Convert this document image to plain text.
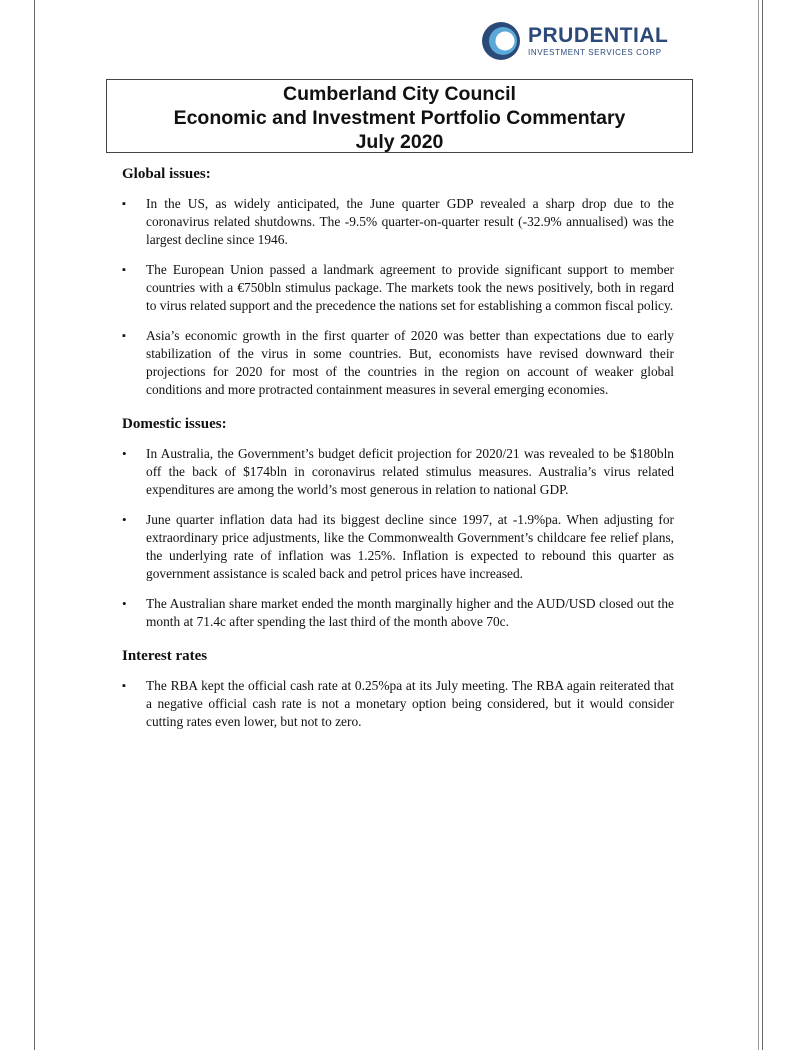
PRUDENTIAL
INVESTMENT SERVICES CORP
Cumberland City Council
Economic and Investment Portfolio Commentary
July 2020
Global issues:
▪ In the US, as widely anticipated, the June quarter GDP revealed a sharp drop due to the coronavirus related shutdowns. The -9.5% quarter-on-quarter result (-32.9% annualised) was the largest decline since 1946.
▪ The European Union passed a landmark agreement to provide significant support to member countries with a €750bln stimulus package. The markets took the news positively, both in regard to virus related support and the precedence the nations set for establishing a common fiscal policy.
▪ Asia’s economic growth in the first quarter of 2020 was better than expectations due to early stabilization of the virus in some countries. But, economists have revised downward their projections for 2020 for most of the countries in the region on account of weaker global conditions and more protracted containment measures in several emerging economies.
Domestic issues:
• In Australia, the Government’s budget deficit projection for 2020/21 was revealed to be $180bln off the back of $174bln in coronavirus related stimulus measures. Australia’s virus related expenditures are among the world’s most generous in relation to national GDP.
• June quarter inflation data had its biggest decline since 1997, at -1.9%pa. When adjusting for extraordinary price adjustments, like the Commonwealth Government’s childcare fee relief plans, the underlying rate of inflation was 1.25%. Inflation is expected to rebound this quarter as government assistance is scaled back and petrol prices have increased.
• The Australian share market ended the month marginally higher and the AUD/USD closed out the month at 71.4c after spending the last third of the month above 70c.
Interest rates
▪ The RBA kept the official cash rate at 0.25%pa at its July meeting. The RBA again reiterated that a negative official cash rate is not a monetary option being considered, but it would consider cutting rates even lower, but not to zero.
